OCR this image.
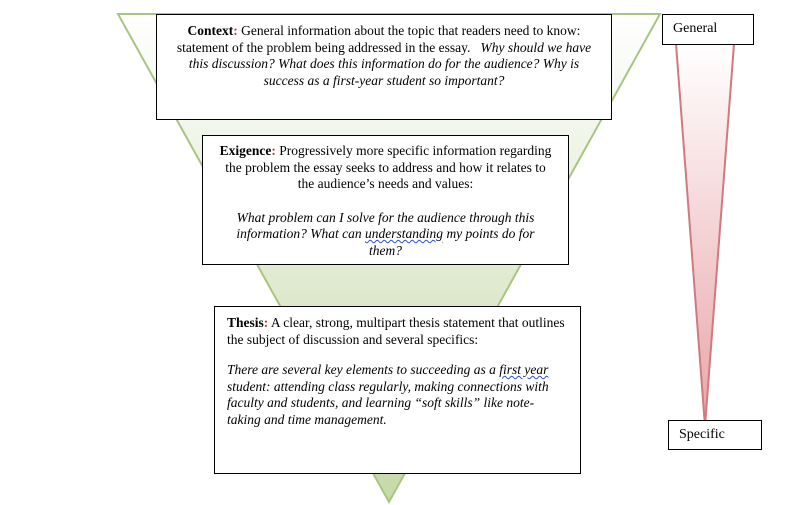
Context: General information about the topic that readers need to know: statement of the problem being addressed in the essay. Why should we have this discussion? What does this information do for the audience? Why is success as a first-year student so important?

Exigence: Progressively more specific information regarding the problem the essay seeks to address and how it relates to the audience’s needs and values:

What problem can I solve for the audience through this information? What can understanding my points do for them?

Thesis: A clear, strong, multipart thesis statement that outlines the subject of discussion and several specifics:

There are several key elements to succeeding as a first year student: attending class regularly, making connections with faculty and students, and learning “soft skills” like note-taking and time management.

General
Specific
